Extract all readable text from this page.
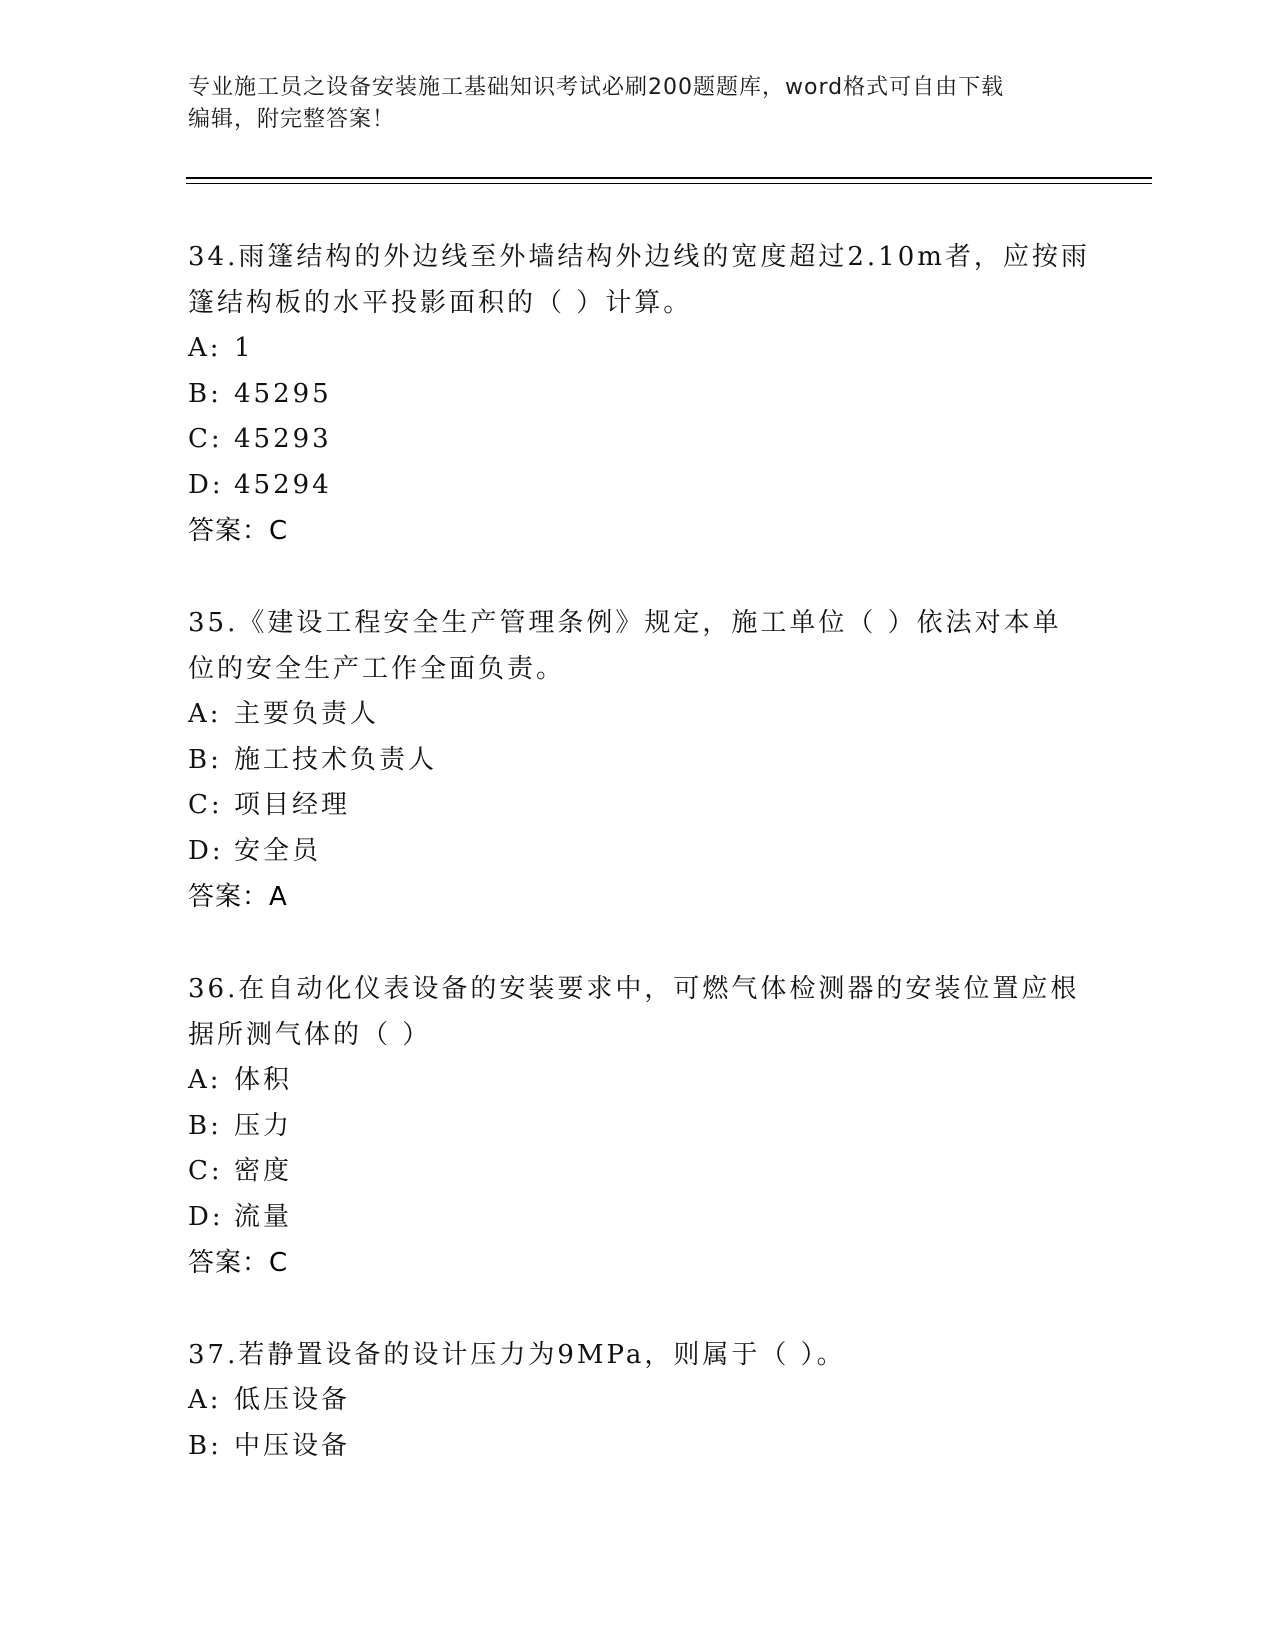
专业施工员之设备安装施工基础知识考试必刷200题题库，word格式可自由下载
编辑，附完整答案！
34.雨篷结构的外边线至外墙结构外边线的宽度超过2.10m者，应按雨
篷结构板的水平投影面积的（ ）计算。
A: 1
B: 45295
C: 45293
D: 45294
答案：C
35.《建设工程安全生产管理条例》规定，施工单位（ ）依法对本单
位的安全生产工作全面负责。
A: 主要负责人
B: 施工技术负责人
C: 项目经理
D: 安全员
答案：A
36.在自动化仪表设备的安装要求中，可燃气体检测器的安装位置应根
据所测气体的（ ）
A: 体积
B: 压力
C: 密度
D: 流量
答案：C
37.若静置设备的设计压力为9MPa，则属于（ ）。
A: 低压设备
B: 中压设备
